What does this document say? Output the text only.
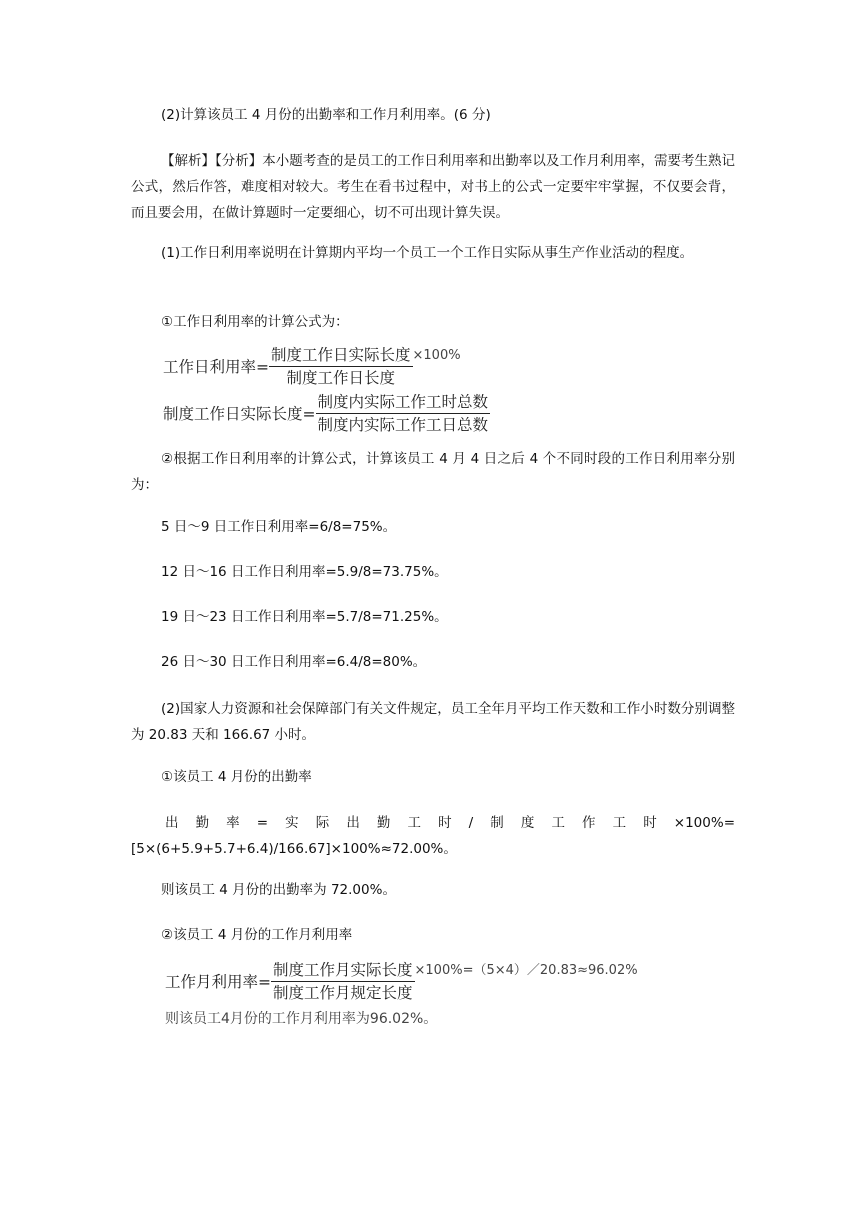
(2)计算该员工 4 月份的出勤率和工作月利用率。(6 分)

【解析】【分析】本小题考查的是员工的工作日利用率和出勤率以及工作月利用率，需要考生熟记公式，然后作答，难度相对较大。考生在看书过程中，对书上的公式一定要牢牢掌握，不仅要会背，而且要会用，在做计算题时一定要细心，切不可出现计算失误。

(1)工作日利用率说明在计算期内平均一个员工一个工作日实际从事生产作业活动的程度。

①工作日利用率的计算公式为：

工作日利用率= $\frac{\text{制度工作日实际长度}}{\text{制度工作日长度}} \times 100\%$
制度工作日实际长度= $\frac{\text{制度内实际工作工时总数}}{\text{制度内实际工作工日总数}}$

②根据工作日利用率的计算公式，计算该员工 4 月 4 日之后 4 个不同时段的工作日利用率分别为：

5 日～9 日工作日利用率=6/8=75%。

12 日～16 日工作日利用率=5.9/8=73.75%。

19 日～23 日工作日利用率=5.7/8=71.25%。

26 日～30 日工作日利用率=6.4/8=80%。

(2)国家人力资源和社会保障部门有关文件规定，员工全年月平均工作天数和工作小时数分别调整为 20.83 天和 166.67 小时。

①该员工 4 月份的出勤率

出勤率=实际出勤工时/制度工作工时×100%=[5×(6+5.9+5.7+6.4)/166.67]×100%≈72.00%。

则该员工 4 月份的出勤率为 72.00%。

②该员工 4 月份的工作月利用率

工作月利用率= $\frac{\text{制度工作月实际长度}}{\text{制度工作月规定长度}}$ ×100%=（5×4）／20.83≈96.02%
则该员工4月份的工作月利用率为96.02%。
